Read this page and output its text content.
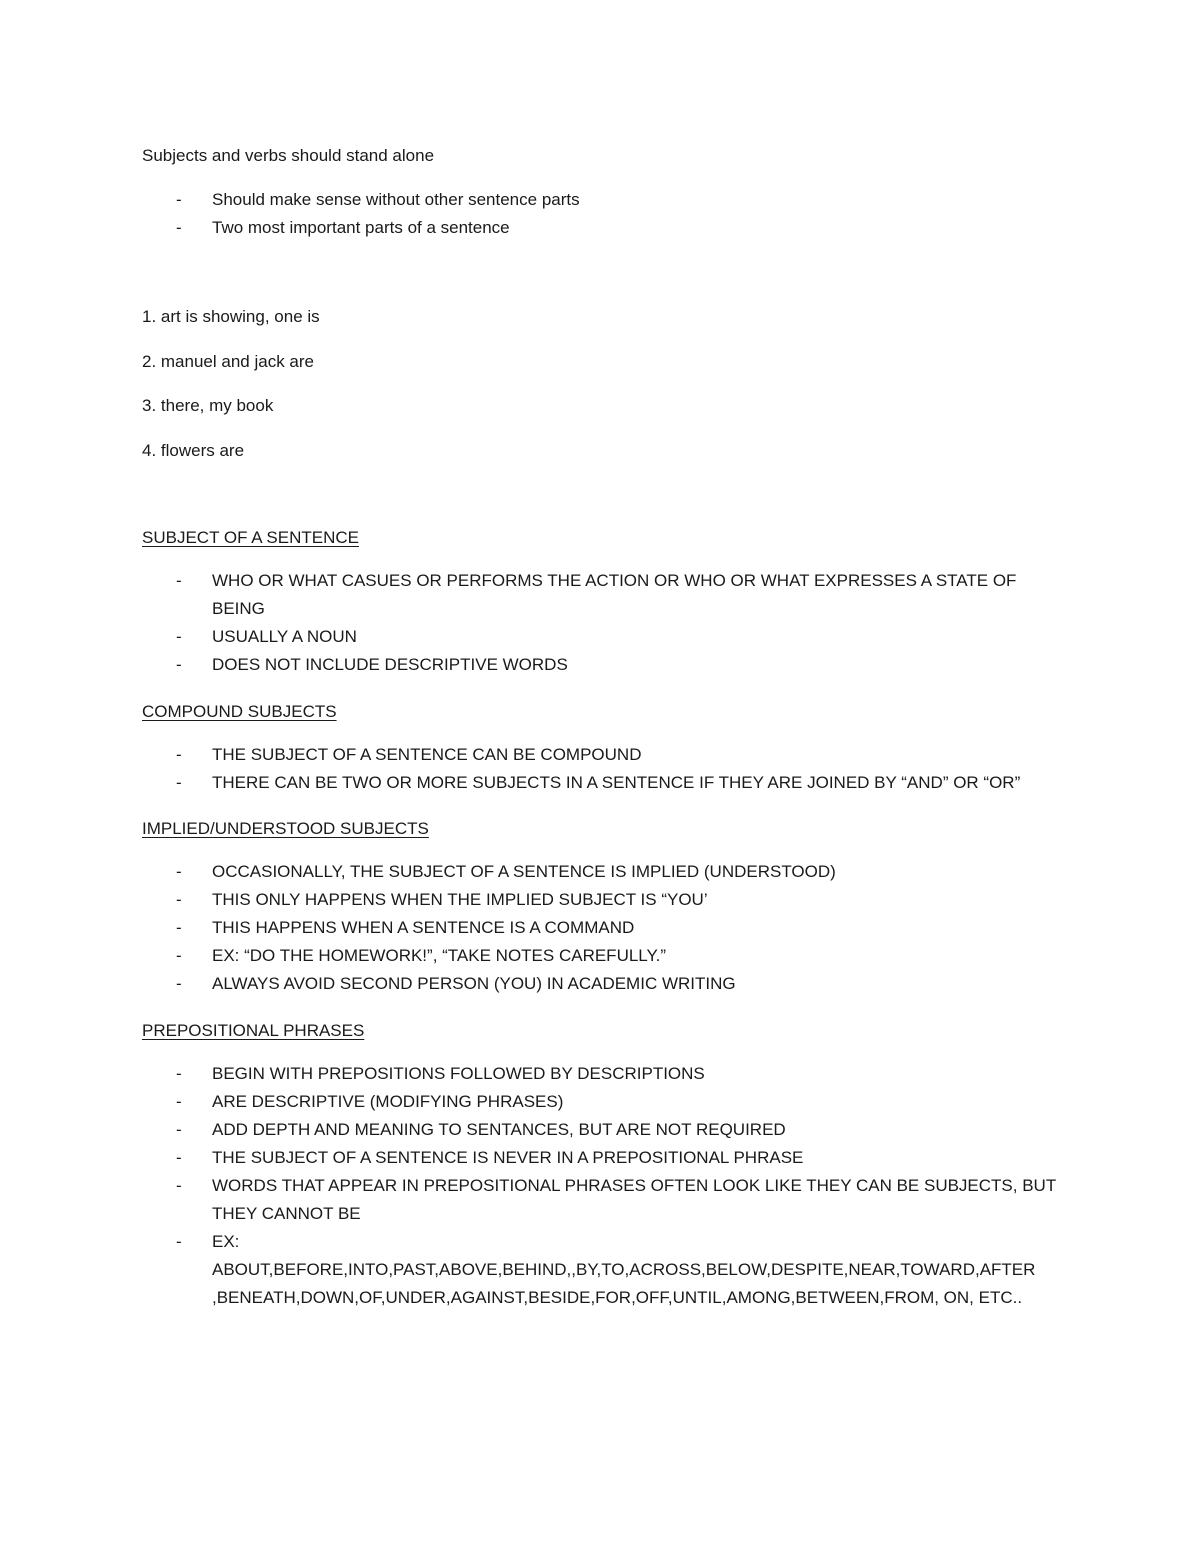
Subjects and verbs should stand alone
- Should make sense without other sentence parts
- Two most important parts of a sentence
1. art is showing, one is
2. manuel and jack are
3. there, my book
4. flowers are
SUBJECT OF A SENTENCE
- WHO OR WHAT CASUES OR PERFORMS THE ACTION OR WHO OR WHAT EXPRESSES A STATE OF BEING
- USUALLY A NOUN
- DOES NOT INCLUDE DESCRIPTIVE WORDS
COMPOUND SUBJECTS
- THE SUBJECT OF A SENTENCE CAN BE COMPOUND
- THERE CAN BE TWO OR MORE SUBJECTS IN A SENTENCE IF THEY ARE JOINED BY “AND” OR “OR”
IMPLIED/UNDERSTOOD SUBJECTS
- OCCASIONALLY, THE SUBJECT OF A SENTENCE IS IMPLIED (UNDERSTOOD)
- THIS ONLY HAPPENS WHEN THE IMPLIED SUBJECT IS “YOU’
- THIS HAPPENS WHEN A SENTENCE IS A COMMAND
- EX: “DO THE HOMEWORK!”, “TAKE NOTES CAREFULLY.”
- ALWAYS AVOID SECOND PERSON (YOU) IN ACADEMIC WRITING
PREPOSITIONAL PHRASES
- BEGIN WITH PREPOSITIONS FOLLOWED BY DESCRIPTIONS
- ARE DESCRIPTIVE (MODIFYING PHRASES)
- ADD DEPTH AND MEANING TO SENTANCES, BUT ARE NOT REQUIRED
- THE SUBJECT OF A SENTENCE IS NEVER IN A PREPOSITIONAL PHRASE
- WORDS THAT APPEAR IN PREPOSITIONAL PHRASES OFTEN LOOK LIKE THEY CAN BE SUBJECTS, BUT THEY CANNOT BE
- EX: ABOUT,BEFORE,INTO,PAST,ABOVE,BEHIND,,BY,TO,ACROSS,BELOW,DESPITE,NEAR,TOWARD,AFTER ,BENEATH,DOWN,OF,UNDER,AGAINST,BESIDE,FOR,OFF,UNTIL,AMONG,BETWEEN,FROM, ON, ETC..
